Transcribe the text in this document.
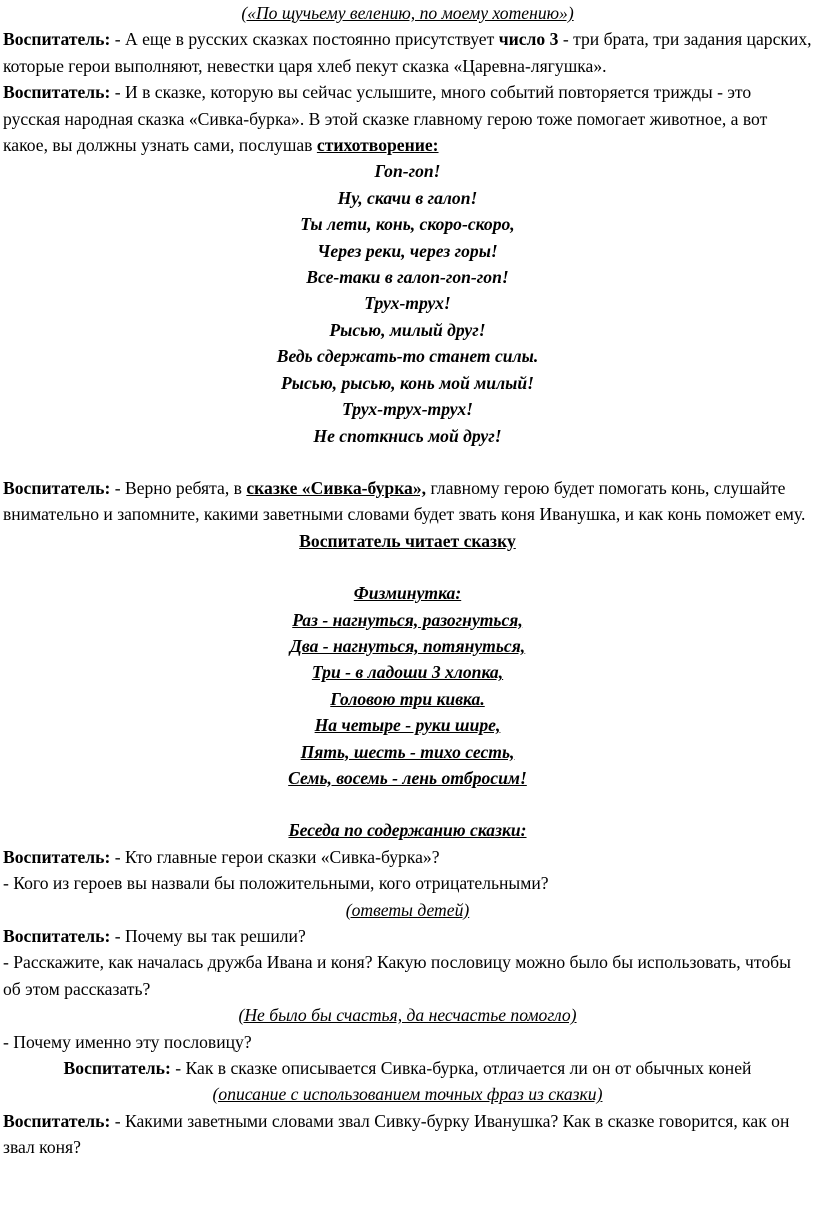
(«По щучьему велению, по моему хотению»)

Воспитатель: - А еще в русских сказках постоянно присутствует число 3 - три брата, три задания царских, которые герои выполняют, невестки царя хлеб пекут сказка «Царевна-лягушка».

Воспитатель: - И в сказке, которую вы сейчас услышите, много событий повторяется трижды - это русская народная сказка «Сивка-бурка». В этой сказке главному герою тоже помогает животное, а вот какое, вы должны узнать сами, послушав стихотворение:

Гоп-гоп!

Ну, скачи в галоп!

Ты лети, конь, скоро-скоро,

Через реки, через горы!

Все-таки в галоп-гоп-гоп!

Трух-трух!

Рысью, милый друг!

Ведь сдержать-то станет силы.

Рысью, рысью, конь мой милый!

Трух-трух-трух!

Не споткнись мой друг!

Воспитатель: - Верно ребята, в сказке «Сивка-бурка», главному герою будет помогать конь, слушайте внимательно и запомните, какими заветными словами будет звать коня Иванушка, и как конь поможет ему.

Воспитатель читает сказку

Физминутка:

Раз - нагнуться, разогнуться,

Два - нагнуться, потянуться,

Три - в ладоши 3 хлопка,

Головою три кивка.

На четыре - руки шире,

Пять, шесть - тихо сесть,

Семь, восемь - лень отбросим!

Беседа по содержанию сказки:

Воспитатель: - Кто главные герои сказки «Сивка-бурка»?

- Кого из героев вы назвали бы положительными, кого отрицательными?

(ответы детей)

Воспитатель: - Почему вы так решили?

- Расскажите, как началась дружба Ивана и коня? Какую пословицу можно было бы использовать, чтобы об этом рассказать?

(Не было бы счастья, да несчастье помогло)

- Почему именно эту пословицу?

Воспитатель: - Как в сказке описывается Сивка-бурка, отличается ли он от обычных коней

(описание с использованием точных фраз из сказки)

Воспитатель: - Какими заветными словами звал Сивку-бурку Иванушка? Как в сказке говорится, как он звал коня?
